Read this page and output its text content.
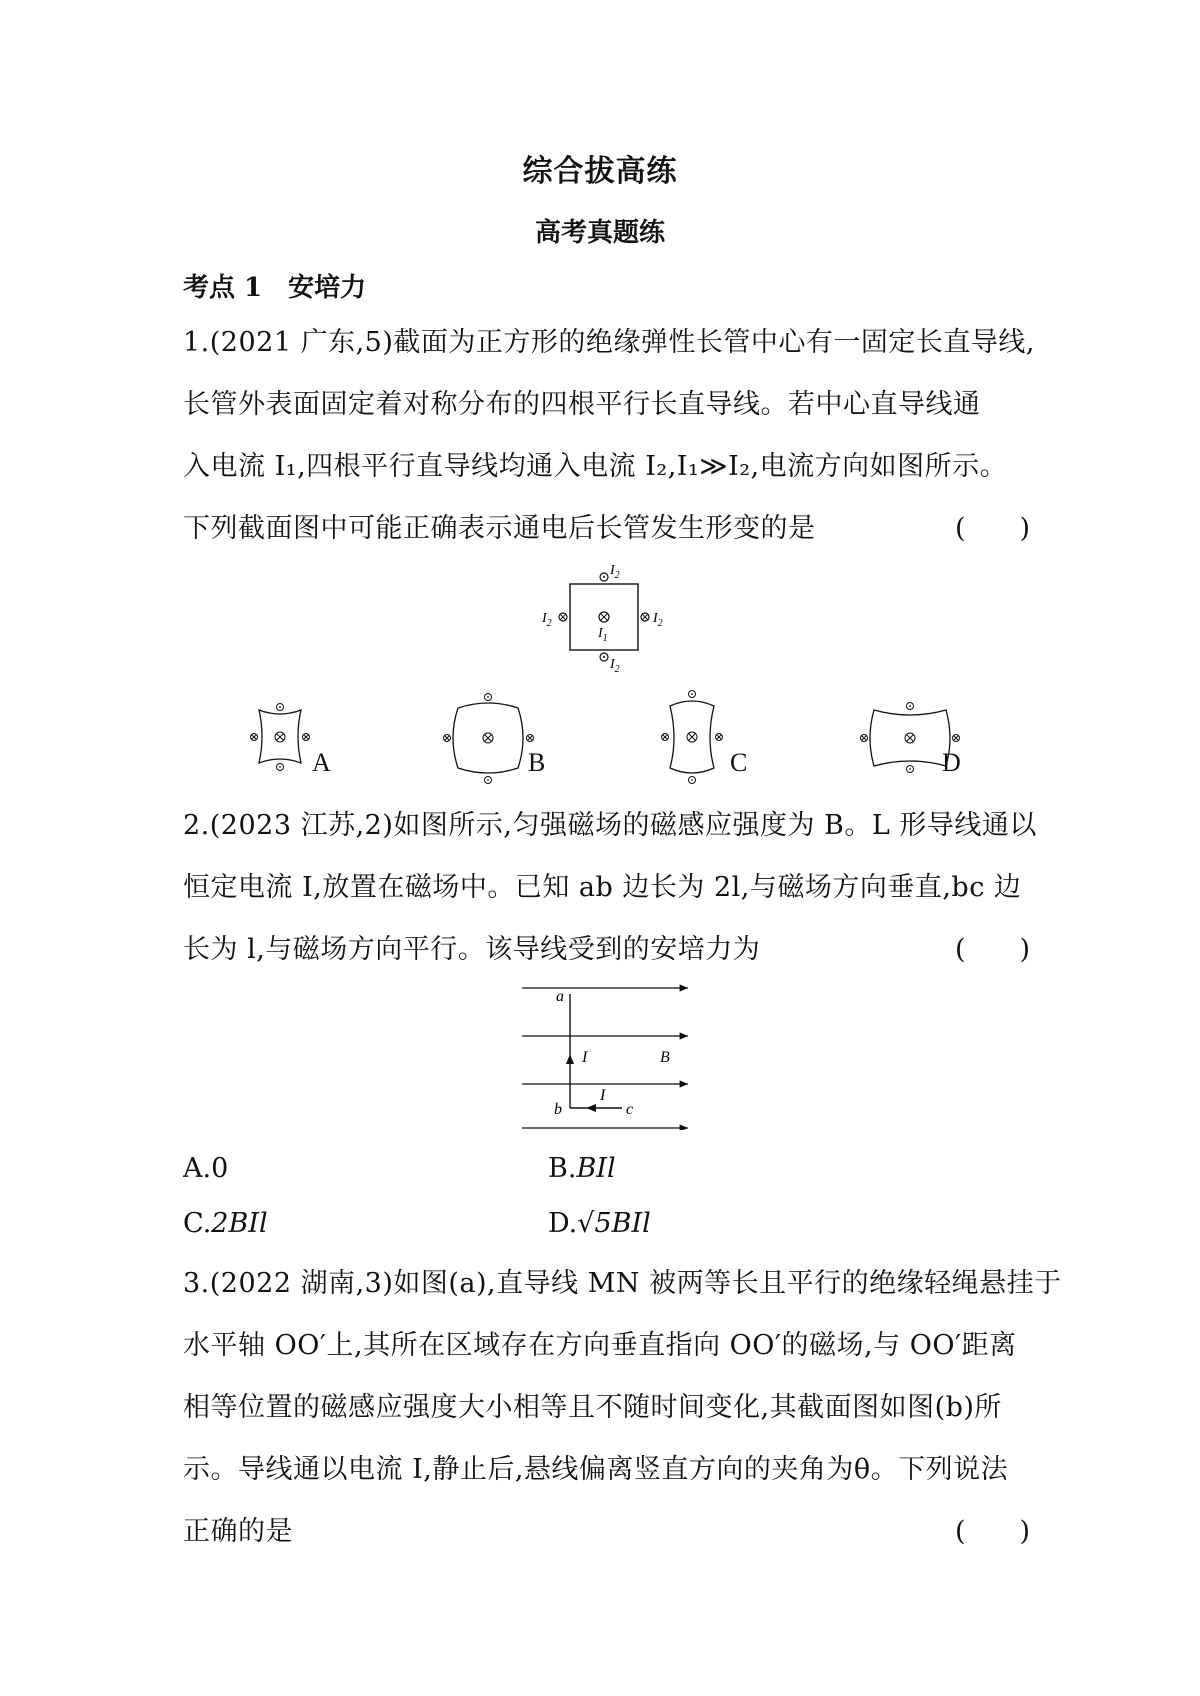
综合拔高练
高考真题练
考点 1　安培力
1.(2021 广东,5)截面为正方形的绝缘弹性长管中心有一固定长直导线,
长管外表面固定着对称分布的四根平行长直导线。若中心直导线通
入电流 I₁,四根平行直导线均通入电流 I₂,I₁≫I₂,电流方向如图所示。
下列截面图中可能正确表示通电后长管发生形变的是	(　　)
$I_2$
$I_2$	$I_2$
$I_1$
$I_2$
A	B	C	D
2.(2023 江苏,2)如图所示,匀强磁场的磁感应强度为 B。L 形导线通以
恒定电流 I,放置在磁场中。已知 ab 边长为 2l,与磁场方向垂直,bc 边
长为 l,与磁场方向平行。该导线受到的安培力为	(　　)
a
b	c
I
I
B
A.0	B.BIl
C.2BIl	D.√5BIl
3.(2022 湖南,3)如图(a),直导线 MN 被两等长且平行的绝缘轻绳悬挂于
水平轴 OO′上,其所在区域存在方向垂直指向 OO′的磁场,与 OO′距离
相等位置的磁感应强度大小相等且不随时间变化,其截面图如图(b)所
示。导线通以电流 I,静止后,悬线偏离竖直方向的夹角为θ。下列说法
正确的是	(　　)
